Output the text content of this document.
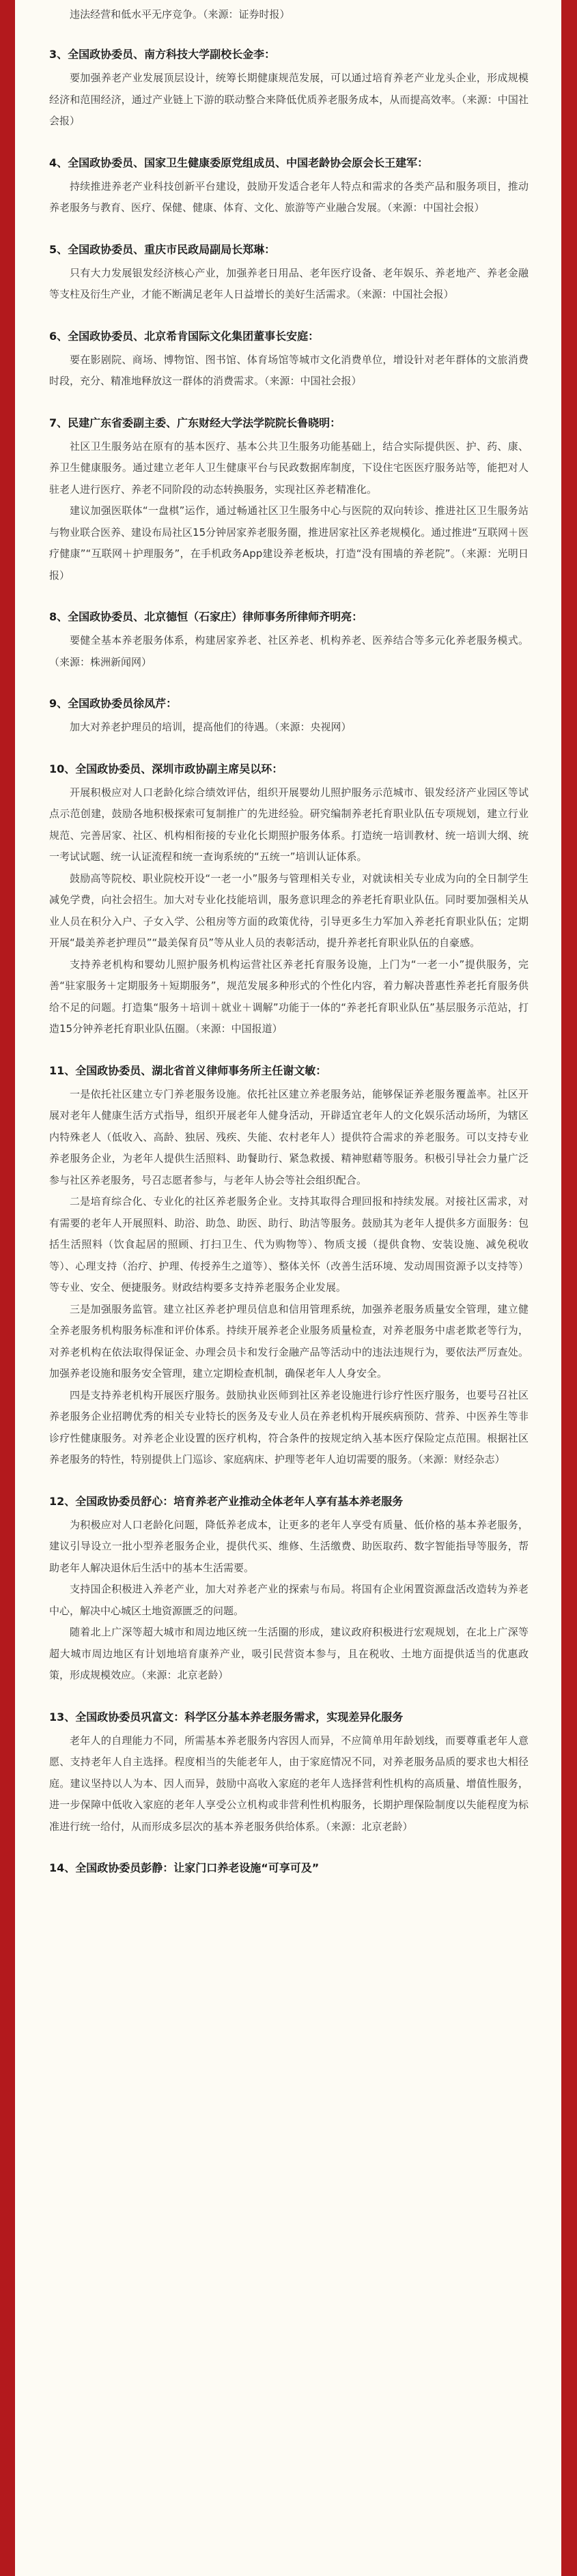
违法经营和低水平无序竞争。（来源：证券时报）

3、全国政协委员、南方科技大学副校长金李：

要加强养老产业发展顶层设计，统筹长期健康规范发展，可以通过培育养老产业龙头企业，形成规模经济和范围经济，通过产业链上下游的联动整合来降低优质养老服务成本，从而提高效率。（来源：中国社会报）

4、全国政协委员、国家卫生健康委原党组成员、中国老龄协会原会长王建军：

持续推进养老产业科技创新平台建设，鼓励开发适合老年人特点和需求的各类产品和服务项目，推动养老服务与教育、医疗、保健、健康、体育、文化、旅游等产业融合发展。（来源：中国社会报）

5、全国政协委员、重庆市民政局副局长郑琳：

只有大力发展银发经济核心产业，加强养老日用品、老年医疗设备、老年娱乐、养老地产、养老金融等支柱及衍生产业，才能不断满足老年人日益增长的美好生活需求。（来源：中国社会报）

6、全国政协委员、北京希肯国际文化集团董事长安庭：

要在影剧院、商场、博物馆、图书馆、体育场馆等城市文化消费单位，增设针对老年群体的文旅消费时段，充分、精准地释放这一群体的消费需求。（来源：中国社会报）

7、民建广东省委副主委、广东财经大学法学院院长鲁晓明：

社区卫生服务站在原有的基本医疗、基本公共卫生服务功能基础上，结合实际提供医、护、药、康、养卫生健康服务。通过建立老年人卫生健康平台与民政数据库制度，下设住宅医医疗服务站等，能把对人驻老人进行医疗、养老不同阶段的动态转换服务，实现社区养老精准化。

建议加强医联体“一盘棋”运作，通过畅通社区卫生服务中心与医院的双向转诊、推进社区卫生服务站与物业联合医养、建设布局社区15分钟居家养老服务圈，推进居家社区养老规模化。通过推进“互联网＋医疗健康”“互联网＋护理服务”，在手机政务App建设养老板块，打造“没有围墙的养老院”。（来源：光明日报）

8、全国政协委员、北京德恒（石家庄）律师事务所律师齐明亮：

要健全基本养老服务体系，构建居家养老、社区养老、机构养老、医养结合等多元化养老服务模式。（来源：株洲新闻网）

9、全国政协委员徐凤芹：

加大对养老护理员的培训，提高他们的待遇。（来源：央视网）

10、全国政协委员、深圳市政协副主席吴以环：

开展积极应对人口老龄化综合绩效评估，组织开展婴幼儿照护服务示范城市、银发经济产业园区等试点示范创建，鼓励各地积极探索可复制推广的先进经验。研究编制养老托育职业队伍专项规划，建立行业规范、完善居家、社区、机构相衔接的专业化长期照护服务体系。打造统一培训教材、统一培训大纲、统一考试试题、统一认证流程和统一查询系统的“五统一”培训认证体系。

鼓励高等院校、职业院校开设“一老一小”服务与管理相关专业，对就读相关专业成为向的全日制学生减免学费，向社会招生。加大对专业化技能培训，服务意识理念的养老托育职业队伍。同时要加强相关从业人员在积分入户、子女入学、公租房等方面的政策优待，引导更多生力军加入养老托育职业队伍；定期开展“最美养老护理员”“最美保育员”等从业人员的表彰活动，提升养老托育职业队伍的自豪感。

支持养老机构和婴幼儿照护服务机构运营社区养老托育服务设施，上门为“一老一小”提供服务，完善“驻家服务＋定期服务＋短期服务”，规范发展多种形式的个性化内容，着力解决普惠性养老托育服务供给不足的问题。打造集“服务＋培训＋就业＋调解”功能于一体的“养老托育职业队伍”基层服务示范站，打造15分钟养老托育职业队伍圈。（来源：中国报道）

11、全国政协委员、湖北省首义律师事务所主任谢文敏：

一是依托社区建立专门养老服务设施。依托社区建立养老服务站，能够保证养老服务覆盖率。社区开展对老年人健康生活方式指导，组织开展老年人健身活动，开辟适宜老年人的文化娱乐活动场所，为辖区内特殊老人（低收入、高龄、独居、残疾、失能、农村老年人）提供符合需求的养老服务。可以支持专业养老服务企业，为老年人提供生活照料、助餐助行、紧急救援、精神慰藉等服务。积极引导社会力量广泛参与社区养老服务，号召志愿者参与，与老年人协会等社会组织配合。

二是培育综合化、专业化的社区养老服务企业。支持其取得合理回报和持续发展。对接社区需求，对有需要的老年人开展照料、助浴、助急、助医、助行、助洁等服务。鼓励其为老年人提供多方面服务：包括生活照料（饮食起居的照顾、打扫卫生、代为购物等）、物质支援（提供食物、安装设施、减免税收等）、心理支持（治疗、护理、传授养生之道等）、整体关怀（改善生活环境、发动周围资源予以支持等）等专业、安全、便捷服务。财政结构要多支持养老服务企业发展。

三是加强服务监管。建立社区养老护理员信息和信用管理系统，加强养老服务质量安全管理，建立健全养老服务机构服务标准和评价体系。持续开展养老企业服务质量检查，对养老服务中虐老欺老等行为，对养老机构在依法取得保证金、办理会员卡和发行金融产品等活动中的违法违规行为，要依法严厉查处。加强养老设施和服务安全管理，建立定期检查机制，确保老年人人身安全。

四是支持养老机构开展医疗服务。鼓励执业医师到社区养老设施进行诊疗性医疗服务，也要号召社区养老服务企业招聘优秀的相关专业特长的医务及专业人员在养老机构开展疾病预防、营养、中医养生等非诊疗性健康服务。对养老企业设置的医疗机构，符合条件的按规定纳入基本医疗保险定点范围。根据社区养老服务的特性，特别提供上门巡诊、家庭病床、护理等老年人迫切需要的服务。（来源：财经杂志）

12、全国政协委员舒心：培育养老产业推动全体老年人享有基本养老服务

为积极应对人口老龄化问题，降低养老成本，让更多的老年人享受有质量、低价格的基本养老服务，建议引导设立一批小型养老服务企业，提供代买、维修、生活缴费、助医取药、数字智能指导等服务，帮助老年人解决退休后生活中的基本生活需要。

支持国企积极进入养老产业，加大对养老产业的探索与布局。将国有企业闲置资源盘活改造转为养老中心，解决中心城区土地资源匮乏的问题。

随着北上广深等超大城市和周边地区统一生活圈的形成，建议政府积极进行宏观规划，在北上广深等超大城市周边地区有计划地培育康养产业，吸引民营资本参与，且在税收、土地方面提供适当的优惠政策，形成规模效应。（来源：北京老龄）

13、全国政协委员巩富文：科学区分基本养老服务需求，实现差异化服务

老年人的自理能力不同，所需基本养老服务内容因人而异，不应简单用年龄划线，而要尊重老年人意愿、支持老年人自主选择。程度相当的失能老年人，由于家庭情况不同，对养老服务品质的要求也大相径庭。建议坚持以人为本、因人而异，鼓励中高收入家庭的老年人选择营利性机构的高质量、增值性服务，进一步保障中低收入家庭的老年人享受公立机构或非营利性机构服务，长期护理保险制度以失能程度为标准进行统一给付，从而形成多层次的基本养老服务供给体系。（来源：北京老龄）

14、全国政协委员彭静：让家门口养老设施“可享可及”
